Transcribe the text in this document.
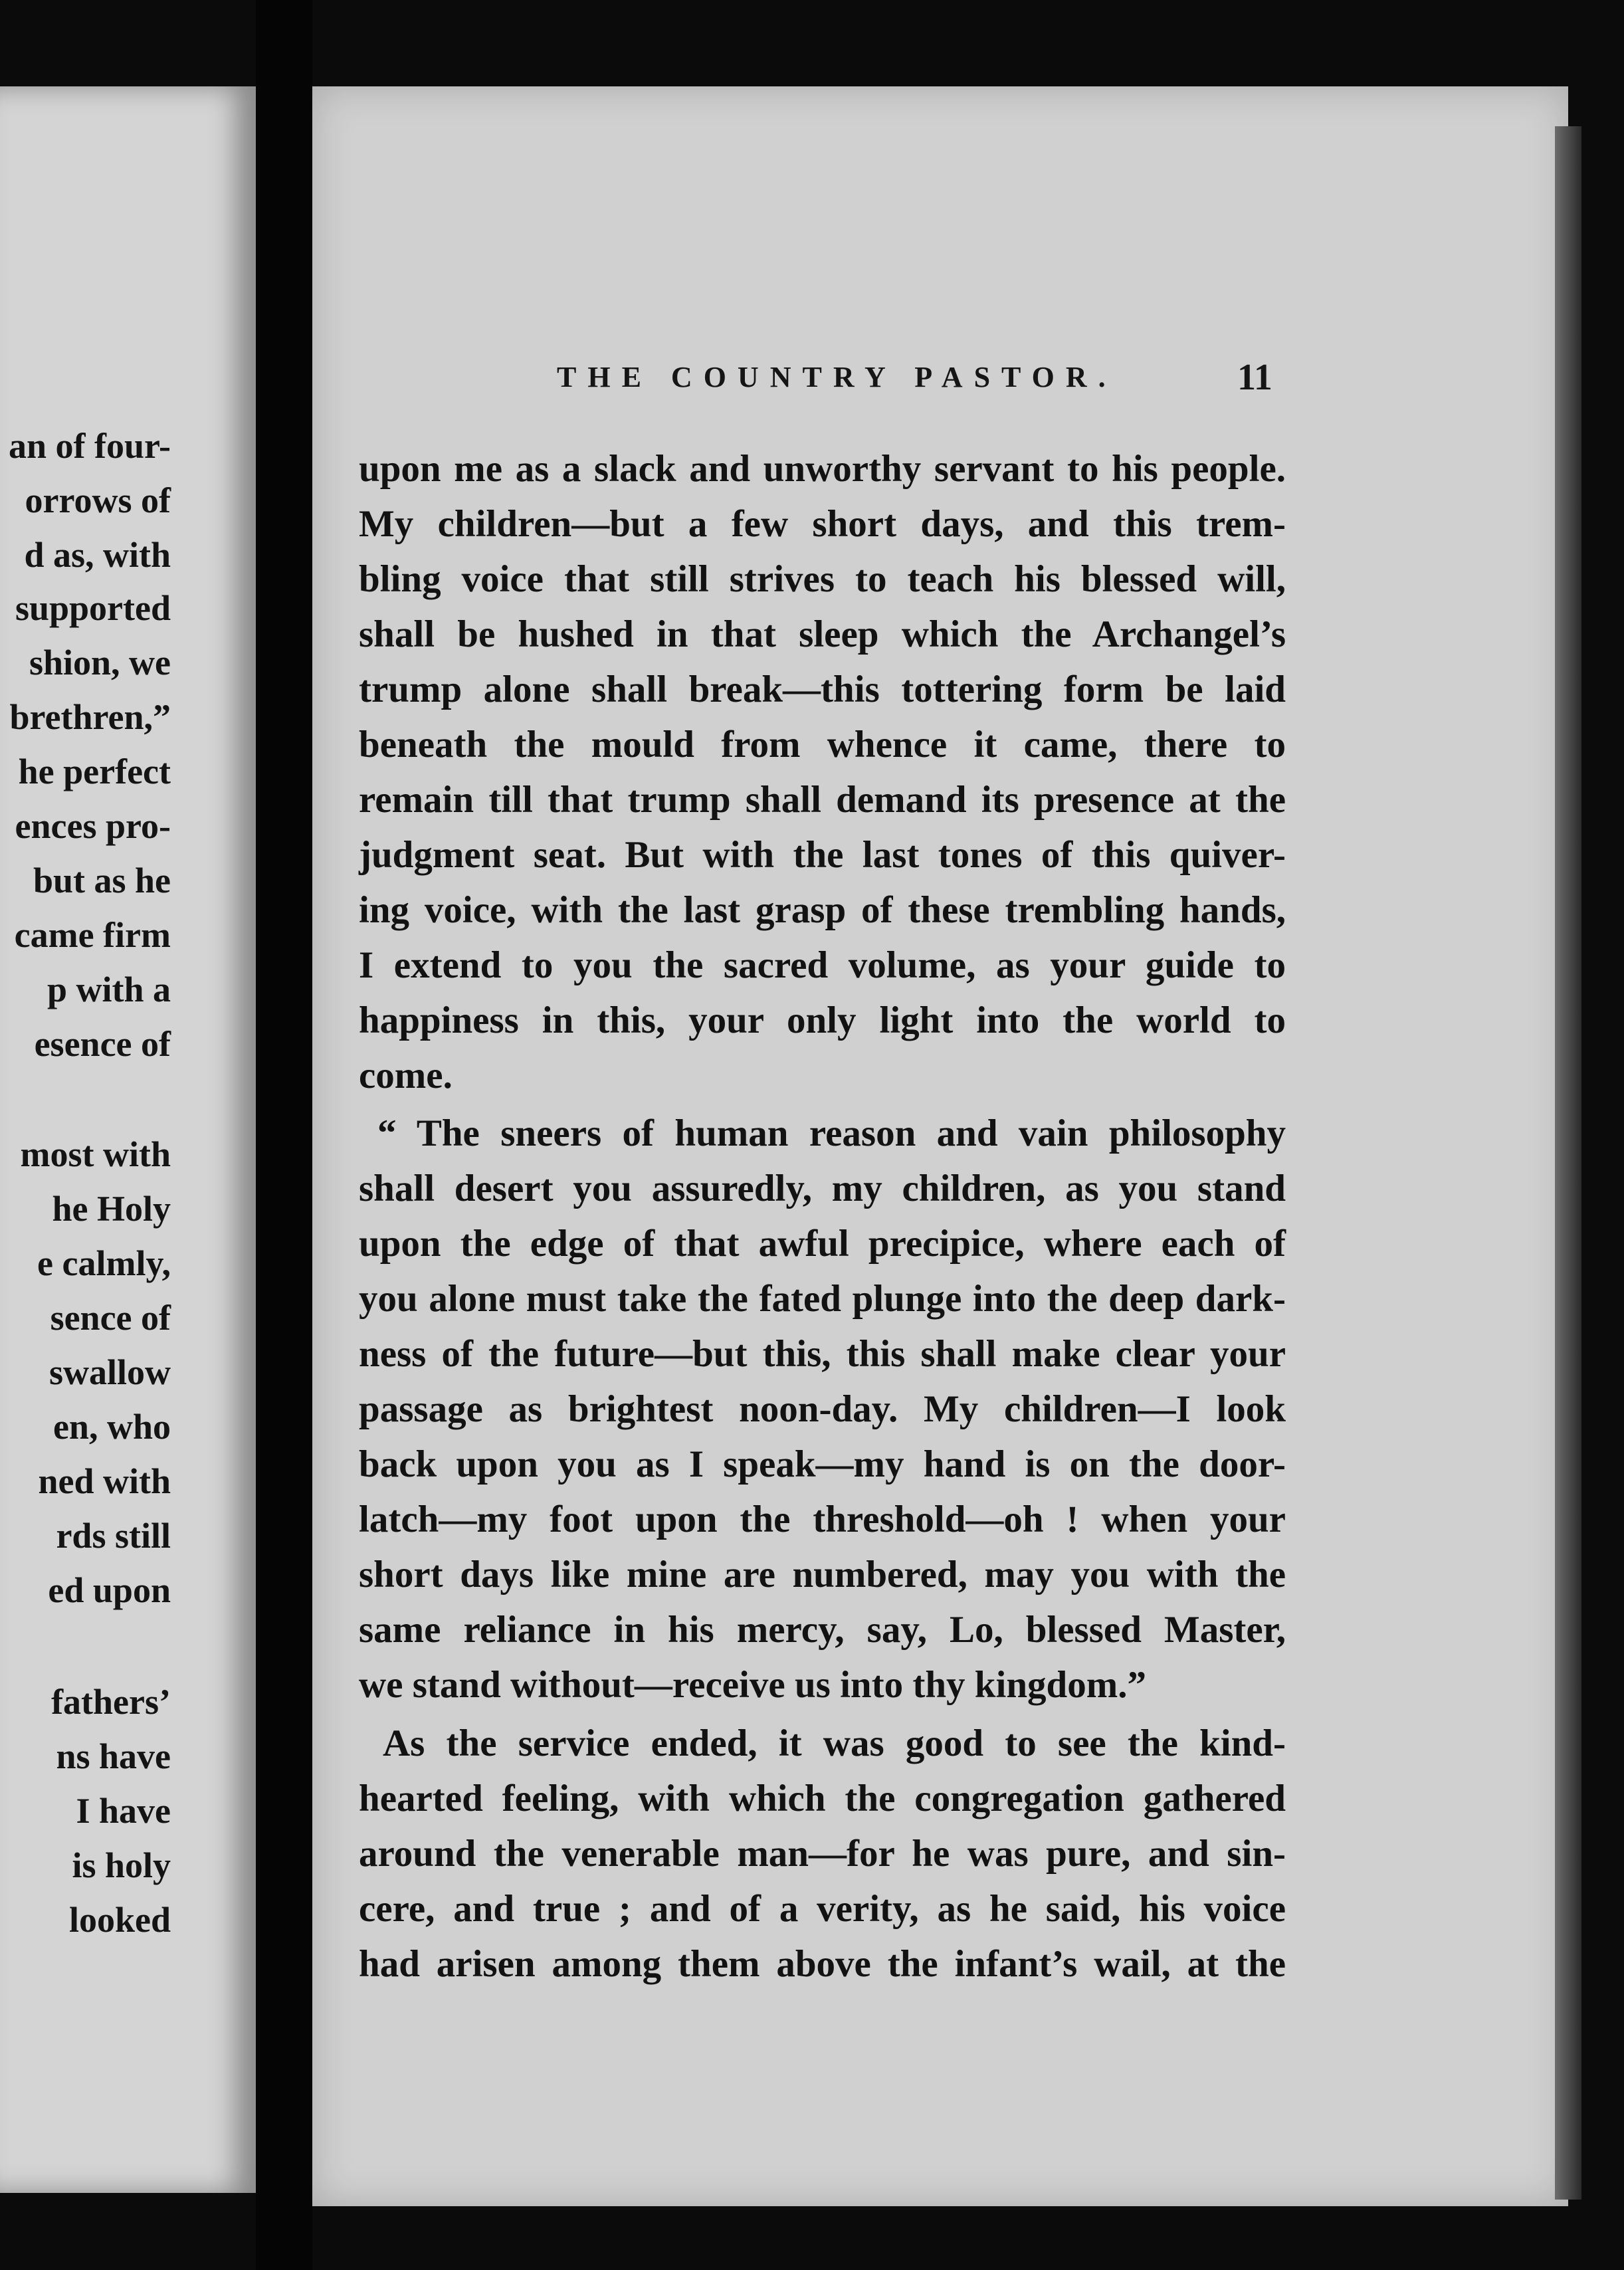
an of four-
orrows of
d as, with
supported
shion, we
brethren,”
he perfect
ences pro-
but as he
came firm
p with a
esence of
most with
he Holy
e calmly,
sence of
swallow
en, who
ned with
rds still
ed upon
fathers’
ns have
I have
is holy
looked
THE COUNTRY PASTOR.	11
upon me as a slack and unworthy servant to his people.
My children—but a few short days, and this trem-
bling voice that still strives to teach his blessed will,
shall be hushed in that sleep which the Archangel’s
trump alone shall break—this tottering form be laid
beneath the mould from whence it came, there to
remain till that trump shall demand its presence at the
judgment seat. But with the last tones of this quiver-
ing voice, with the last grasp of these trembling hands,
I extend to you the sacred volume, as your guide to
happiness in this, your only light into the world to
come.
“ The sneers of human reason and vain philosophy
shall desert you assuredly, my children, as you stand
upon the edge of that awful precipice, where each of
you alone must take the fated plunge into the deep dark-
ness of the future—but this, this shall make clear your
passage as brightest noon-day. My children—I look
back upon you as I speak—my hand is on the door-
latch—my foot upon the threshold—oh ! when your
short days like mine are numbered, may you with the
same reliance in his mercy, say, Lo, blessed Master,
we stand without—receive us into thy kingdom.”
As the service ended, it was good to see the kind-
hearted feeling, with which the congregation gathered
around the venerable man—for he was pure, and sin-
cere, and true ; and of a verity, as he said, his voice
had arisen among them above the infant’s wail, at the
